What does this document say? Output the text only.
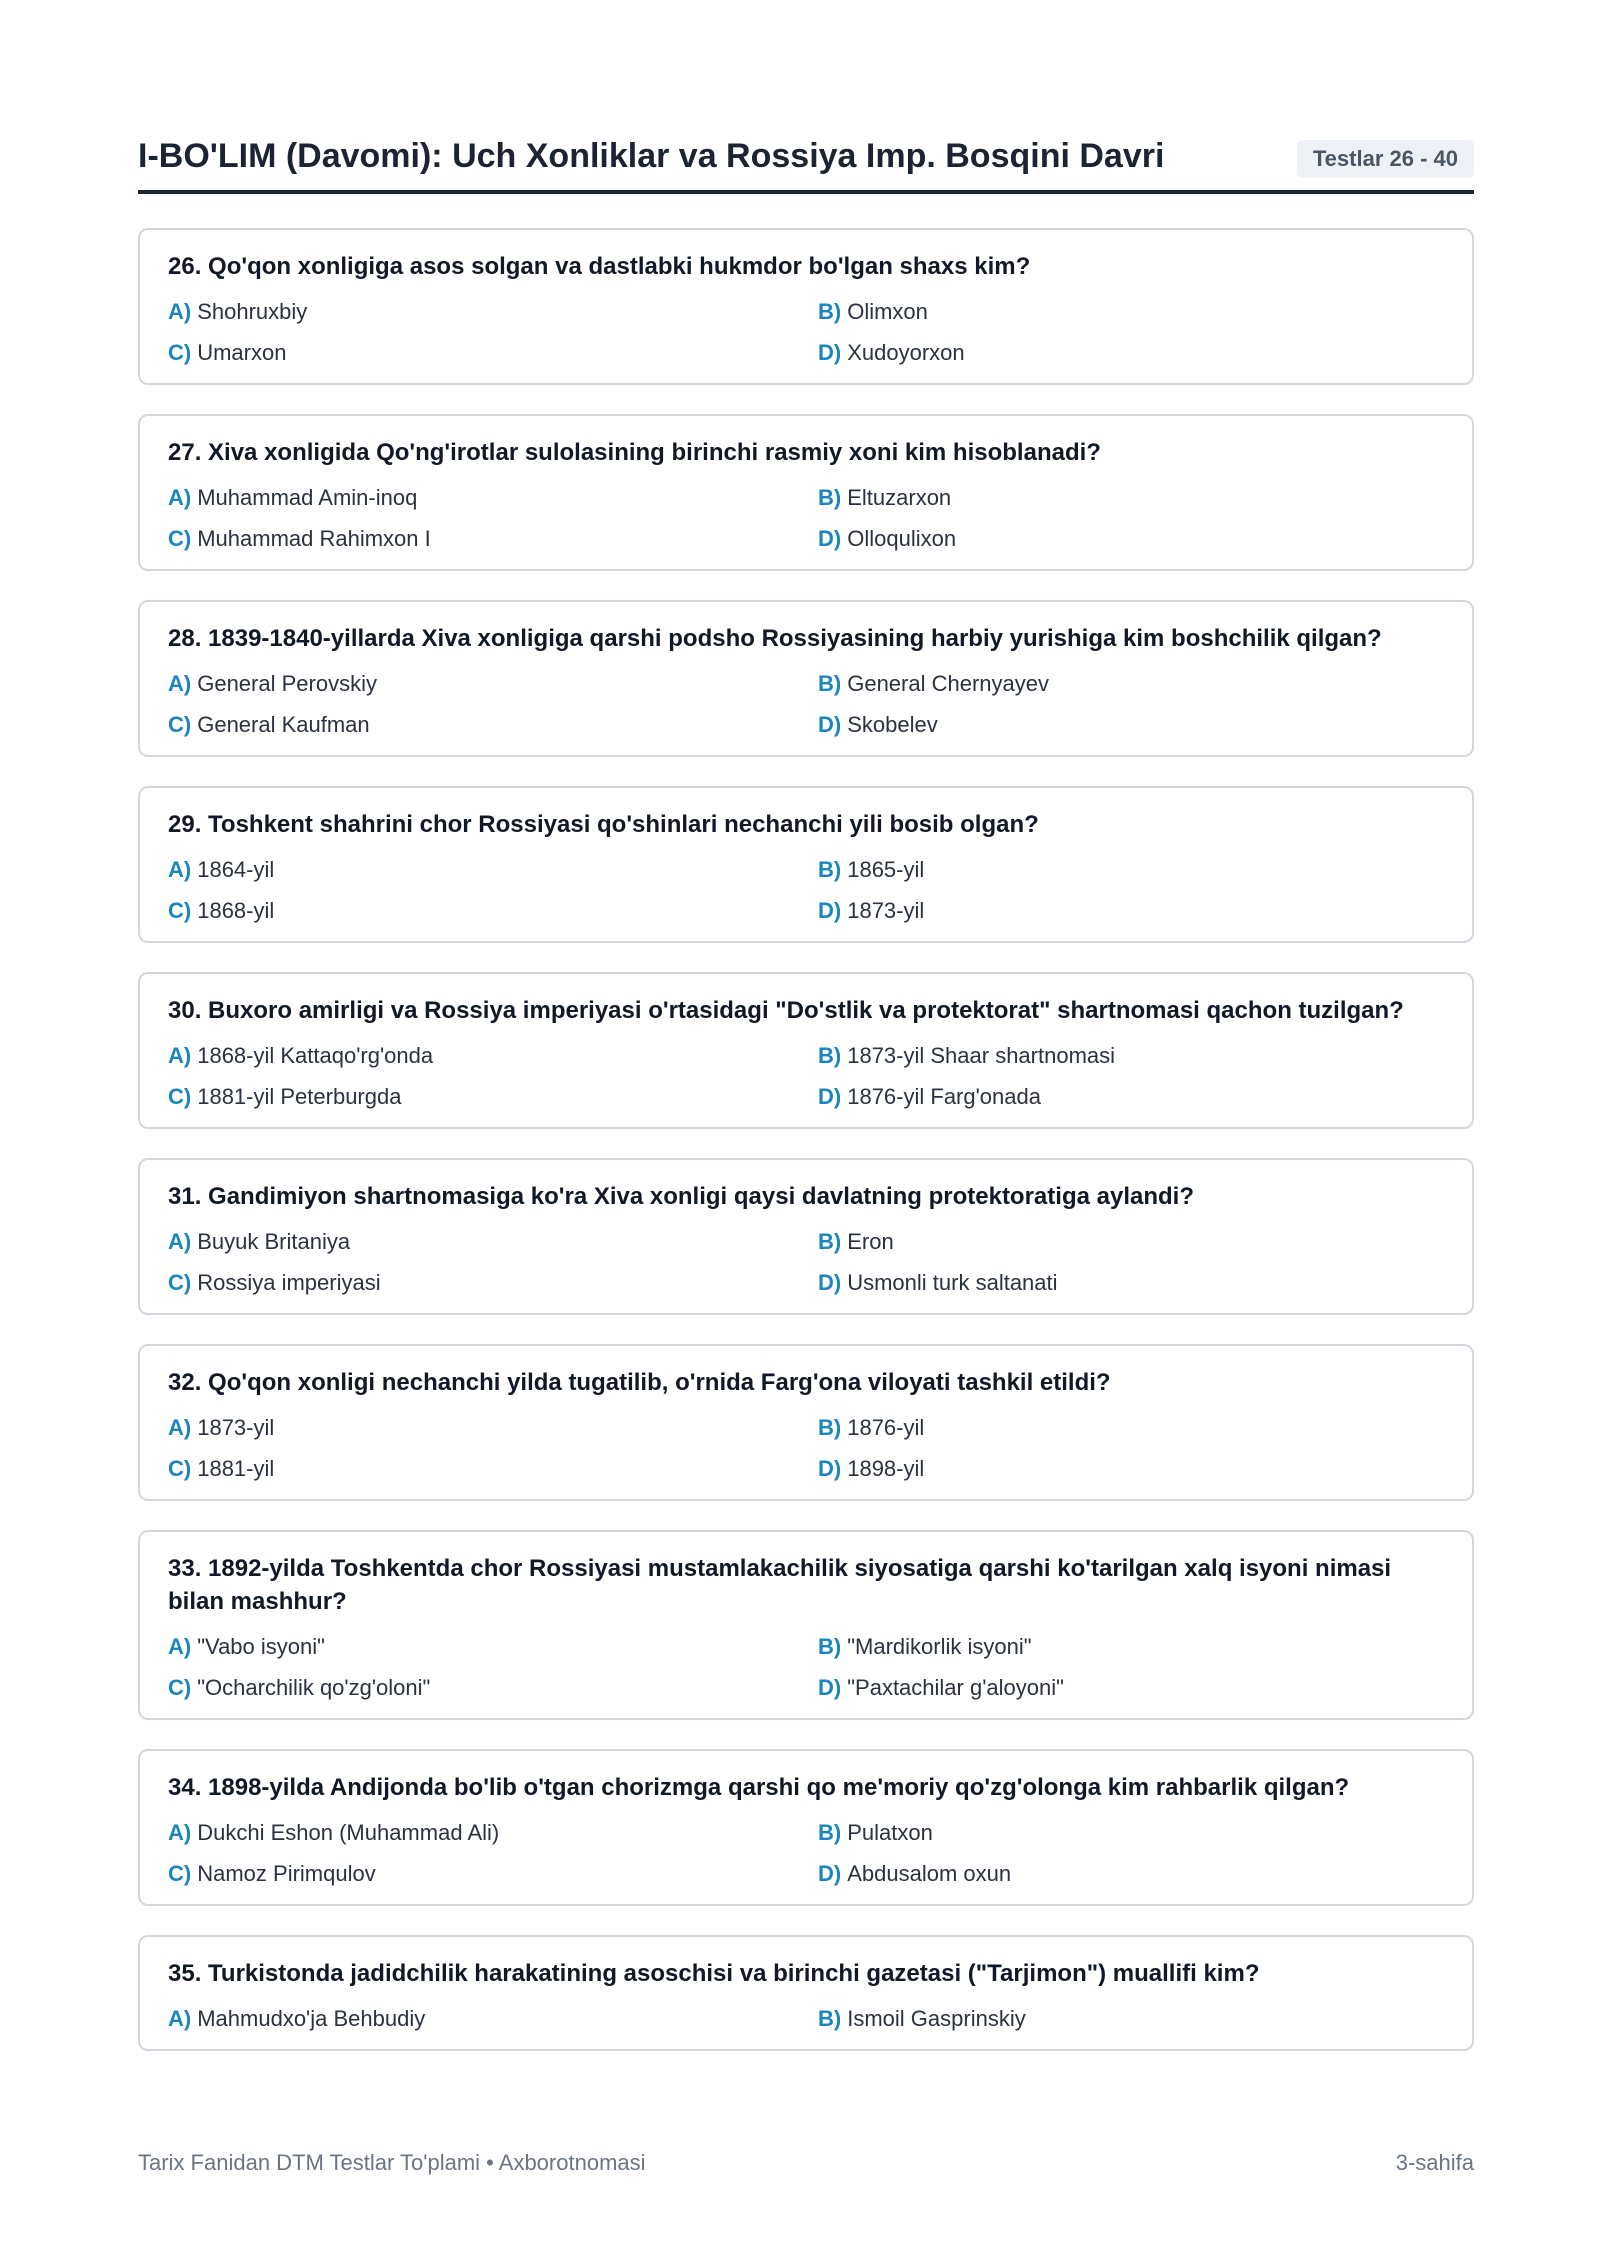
I-BO'LIM (Davomi): Uch Xonliklar va Rossiya Imp. Bosqini Davri	Testlar 26 - 40
26. Qo'qon xonligiga asos solgan va dastlabki hukmdor bo'lgan shaxs kim?
A) Shohruxbiy	B) Olimxon
C) Umarxon	D) Xudoyorxon
27. Xiva xonligida Qo'ng'irotlar sulolasining birinchi rasmiy xoni kim hisoblanadi?
A) Muhammad Amin-inoq	B) Eltuzarxon
C) Muhammad Rahimxon I	D) Olloqulixon
28. 1839-1840-yillarda Xiva xonligiga qarshi podsho Rossiyasining harbiy yurishiga kim boshchilik qilgan?
A) General Perovskiy	B) General Chernyayev
C) General Kaufman	D) Skobelev
29. Toshkent shahrini chor Rossiyasi qo'shinlari nechanchi yili bosib olgan?
A) 1864-yil	B) 1865-yil
C) 1868-yil	D) 1873-yil
30. Buxoro amirligi va Rossiya imperiyasi o'rtasidagi "Do'stlik va protektorat" shartnomasi qachon tuzilgan?
A) 1868-yil Kattaqo'rg'onda	B) 1873-yil Shaar shartnomasi
C) 1881-yil Peterburgda	D) 1876-yil Farg'onada
31. Gandimiyon shartnomasiga ko'ra Xiva xonligi qaysi davlatning protektoratiga aylandi?
A) Buyuk Britaniya	B) Eron
C) Rossiya imperiyasi	D) Usmonli turk saltanati
32. Qo'qon xonligi nechanchi yilda tugatilib, o'rnida Farg'ona viloyati tashkil etildi?
A) 1873-yil	B) 1876-yil
C) 1881-yil	D) 1898-yil
33. 1892-yilda Toshkentda chor Rossiyasi mustamlakachilik siyosatiga qarshi ko'tarilgan xalq isyoni nimasi bilan mashhur?
A) "Vabo isyoni"	B) "Mardikorlik isyoni"
C) "Ocharchilik qo'zg'oloni"	D) "Paxtachilar g'aloyoni"
34. 1898-yilda Andijonda bo'lib o'tgan chorizmga qarshi qo me'moriy qo'zg'olonga kim rahbarlik qilgan?
A) Dukchi Eshon (Muhammad Ali)	B) Pulatxon
C) Namoz Pirimqulov	D) Abdusalom oxun
35. Turkistonda jadidchilik harakatining asoschisi va birinchi gazetasi ("Tarjimon") muallifi kim?
A) Mahmudxo'ja Behbudiy	B) Ismoil Gasprinskiy
Tarix Fanidan DTM Testlar To'plami • Axborotnomasi	3-sahifa
